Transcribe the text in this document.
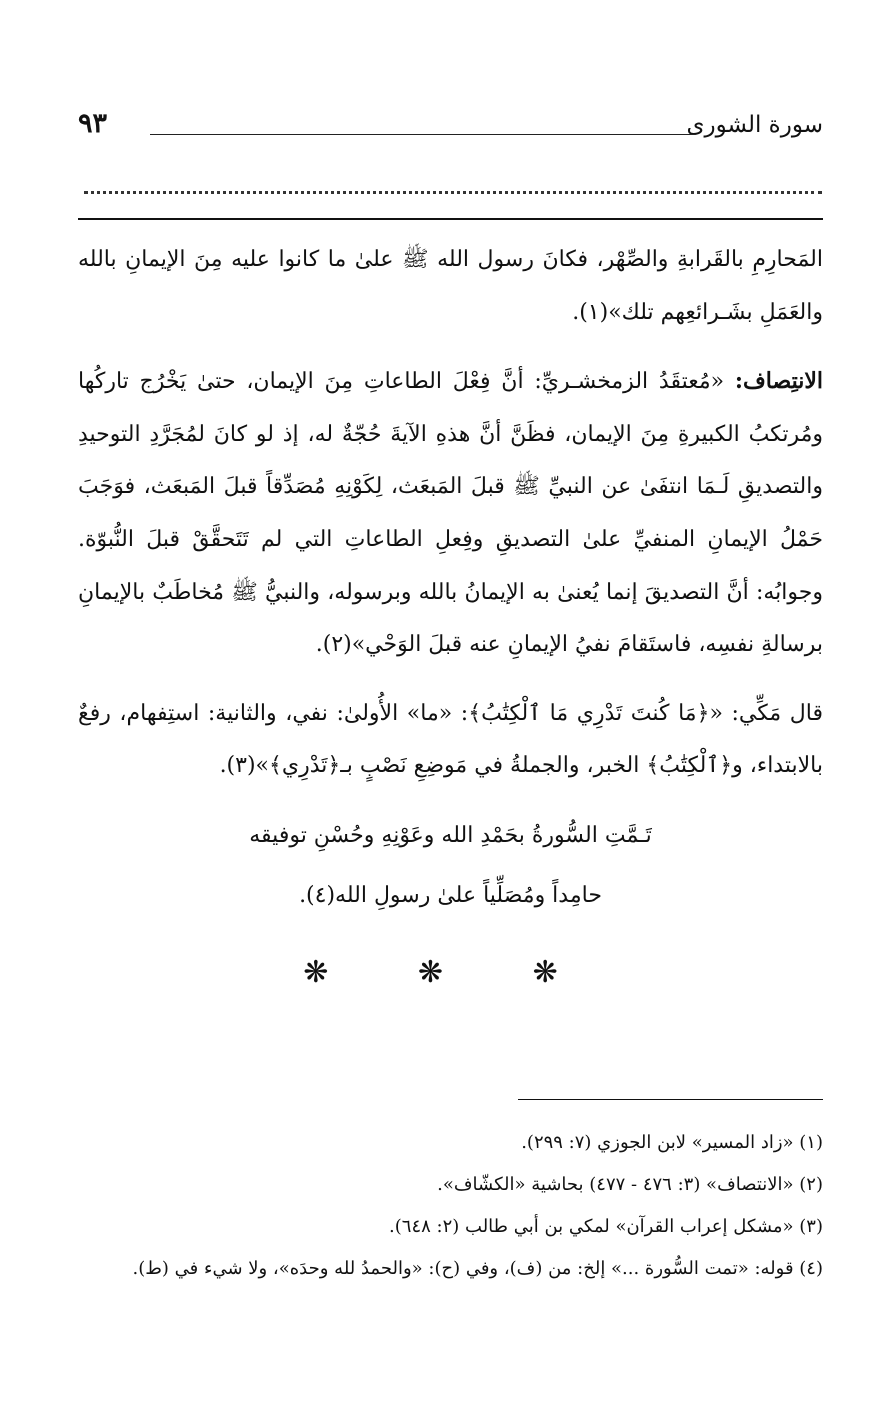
سورة الشورى
٩٣

المَحارِمِ بالقَرابةِ والصِّهْر، فكانَ رسول الله ﷺ علىٰ ما كانوا عليه مِنَ الإيمانِ بالله والعَمَلِ بشَـرائعِهم تلك»(١).

الانتِصاف: «مُعتقَدُ الزمخشـريِّ: أنَّ فِعْلَ الطاعاتِ مِنَ الإيمان، حتىٰ يَخْرُج تاركُها ومُرتكبُ الكبيرةِ مِنَ الإيمان، فظَنَّ أنَّ هذهِ الآيةَ حُجّةٌ له، إذ لو كانَ لمُجَرَّدِ التوحيدِ والتصديقِ لَـمَا انتفَىٰ عن النبيِّ ﷺ قبلَ المَبعَث، لِكَوْنِهِ مُصَدِّقاً قبلَ المَبعَث، فوَجَبَ حَمْلُ الإيمانِ المنفيِّ علىٰ التصديقِ وفِعلِ الطاعاتِ التي لم تَتَحقَّقْ قبلَ النُّبوّة. وجوابُه: أنَّ التصديقَ إنما يُعنىٰ به الإيمانُ بالله وبرسوله، والنبيُّ ﷺ مُخاطَبٌ بالإيمانِ برسالةِ نفسِه، فاستَقامَ نفيُ الإيمانِ عنه قبلَ الوَحْي»(٢).

قال مَكِّي: «﴿مَا كُنتَ تَدْرِي مَا ٱلْكِتَٰبُ﴾: «ما» الأُولىٰ: نفي، والثانية: استِفهام، رفعٌ بالابتداء، و﴿ٱلْكِتَٰبُ﴾ الخبر، والجملةُ في مَوضِعِ نَصْبٍ بـ﴿تَدْرِي﴾»(٣).

تَـمَّتِ السُّورةُ بحَمْدِ الله وعَوْنِهِ وحُسْنِ توفيقه
حامِداً ومُصَلِّياً علىٰ رسولِ الله(٤).
❋ ❋ ❋

(١) «زاد المسير» لابن الجوزي (٧: ٢٩٩).

(٢) «الانتصاف» (٣: ٤٧٦ - ٤٧٧) بحاشية «الكشّاف».

(٣) «مشكل إعراب القرآن» لمكي بن أبي طالب (٢: ٦٤٨).

(٤) قوله: «تمت السُّورة ...» إلخ: من (ف)، وفي (ح): «والحمدُ لله وحدَه»، ولا شيء في (ط).
